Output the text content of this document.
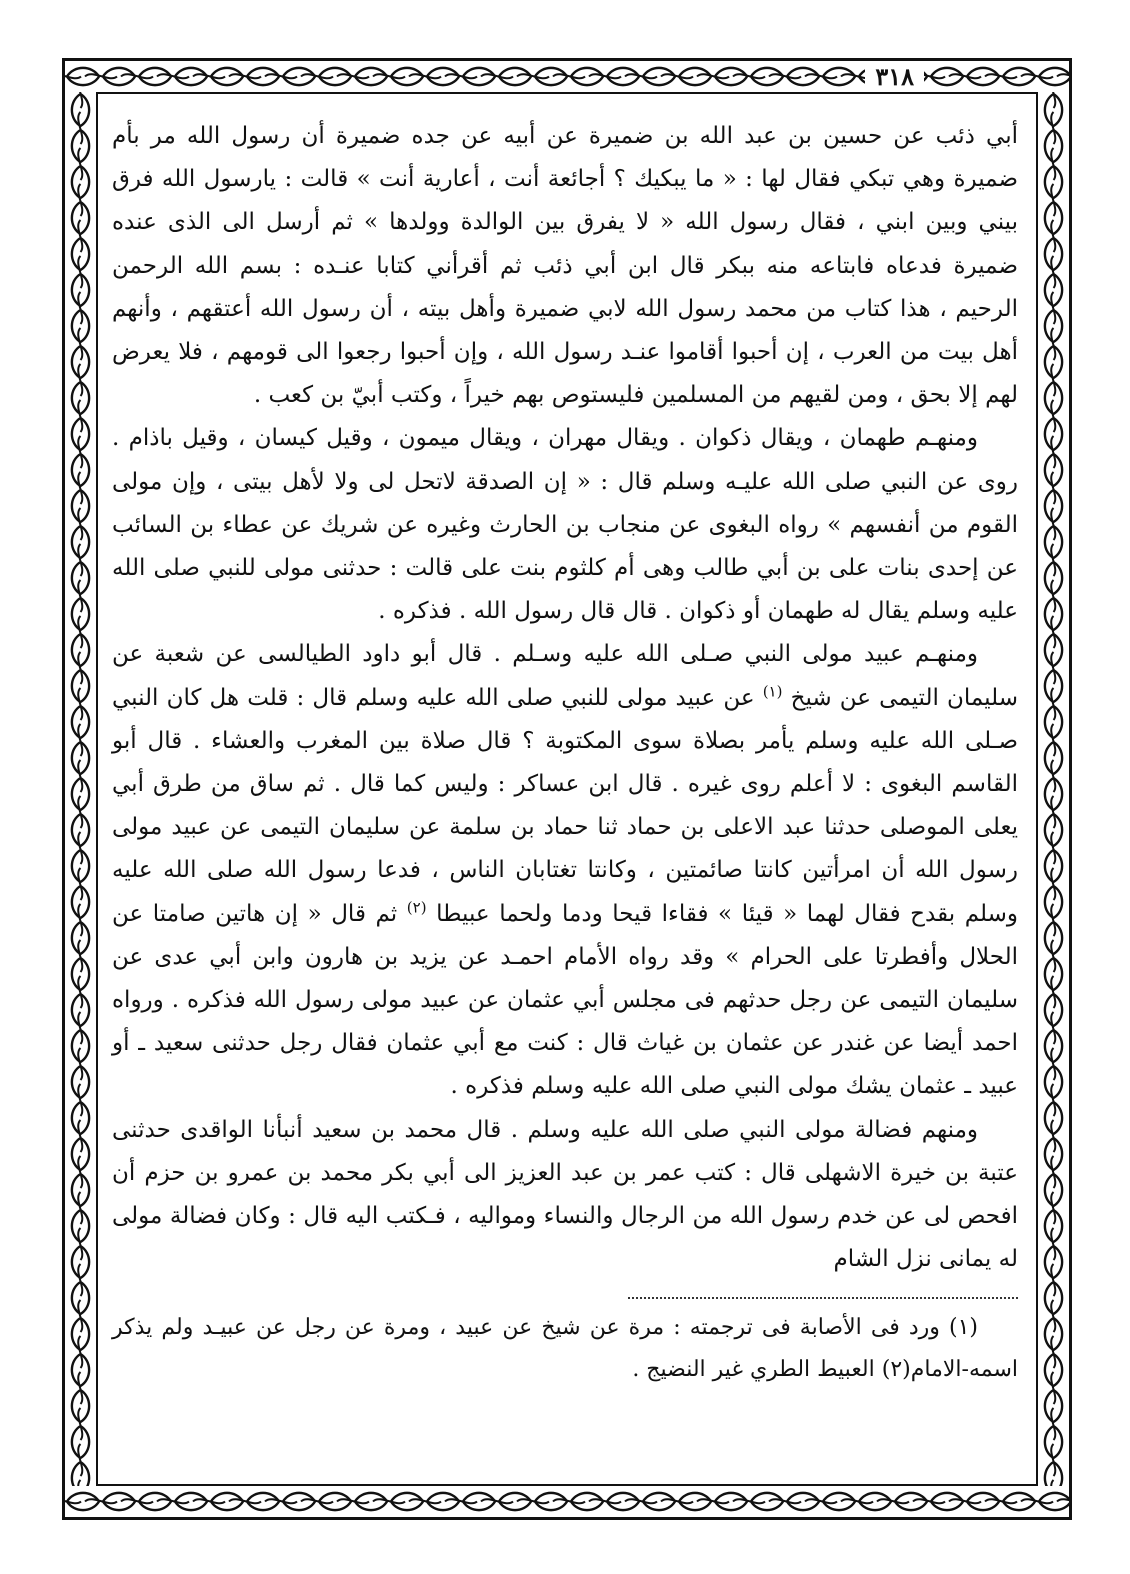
٣١٨

أبي ذئب عن حسين بن عبد الله بن ضميرة عن أبيه عن جده ضميرة أن رسول الله مر بأم ضميرة وهي تبكي فقال لها : « ما يبكيك ؟ أجائعة أنت ، أعارية أنت » قالت : يارسول الله فرق بيني وبين ابني ، فقال رسول الله « لا يفرق بين الوالدة وولدها » ثم أرسل الى الذى عنده ضميرة فدعاه فابتاعه منه ببكر قال ابن أبي ذئب ثم أقرأني كتابا عنـده : بسم الله الرحمن الرحيم ، هذا كتاب من محمد رسول الله لابي ضميرة وأهل بيته ، أن رسول الله أعتقهم ، وأنهم أهل بيت من العرب ، إن أحبوا أقاموا عنـد رسول الله ، وإن أحبوا رجعوا الى قومهم ، فلا يعرض لهم إلا بحق ، ومن لقيهم من المسلمين فليستوص بهم خيراً ، وكتب أبيّ بن كعب .

ومنهـم طهمان ، ويقال ذكوان . ويقال مهران ، ويقال ميمون ، وقيل كيسان ، وقيل باذام . روى عن النبي صلى الله عليـه وسلم قال : « إن الصدقة لاتحل لى ولا لأهل بيتى ، وإن مولى القوم من أنفسهم » رواه البغوى عن منجاب بن الحارث وغيره عن شريك عن عطاء بن السائب عن إحدى بنات على بن أبي طالب وهى أم كلثوم بنت على قالت : حدثنى مولى للنبي صلى الله عليه وسلم يقال له طهمان أو ذكوان . قال قال رسول الله . فذكره .

ومنهـم عبيد مولى النبي صـلى الله عليه وسـلم . قال أبو داود الطيالسى عن شعبة عن سليمان التيمى عن شيخ $^{(١)}$ عن عبيد مولى للنبي صلى الله عليه وسلم قال : قلت هل كان النبي صـلى الله عليه وسلم يأمر بصلاة سوى المكتوبة ؟ قال صلاة بين المغرب والعشاء . قال أبو القاسم البغوى : لا أعلم روى غيره . قال ابن عساكر : وليس كما قال . ثم ساق من طرق أبي يعلى الموصلى حدثنا عبد الاعلى بن حماد ثنا حماد بن سلمة عن سليمان التيمى عن عبيد مولى رسول الله أن امرأتين كانتا صائمتين ، وكانتا تغتابان الناس ، فدعا رسول الله صلى الله عليه وسلم بقدح فقال لهما « قيئا » فقاءا قيحا ودما ولحما عبيطا $^{(٢)}$ ثم قال « إن هاتين صامتا عن الحلال وأفطرتا على الحرام » وقد رواه الأمام احمـد عن يزيد بن هارون وابن أبي عدى عن سليمان التيمى عن رجل حدثهم فى مجلس أبي عثمان عن عبيد مولى رسول الله فذكره . ورواه احمد أيضا عن غندر عن عثمان بن غياث قال : كنت مع أبي عثمان فقال رجل حدثنى سعيد ـ أو عبيد ـ عثمان يشك مولى النبي صلى الله عليه وسلم فذكره .

ومنهم فضالة مولى النبي صلى الله عليه وسلم . قال محمد بن سعيد أنبأنا الواقدى حدثنى عتبة بن خيرة الاشهلى قال : كتب عمر بن عبد العزيز الى أبي بكر محمد بن عمرو بن حزم أن افحص لى عن خدم رسول الله من الرجال والنساء ومواليه ، فـكتب اليه قال : وكان فضالة مولى له يمانى نزل الشام

(١) ورد فى الأصابة فى ترجمته : مرة عن شيخ عن عبيد ، ومرة عن رجل عن عبيـد ولم يذكر اسمه-الامام(٢) العبيط الطري غير النضيج .
